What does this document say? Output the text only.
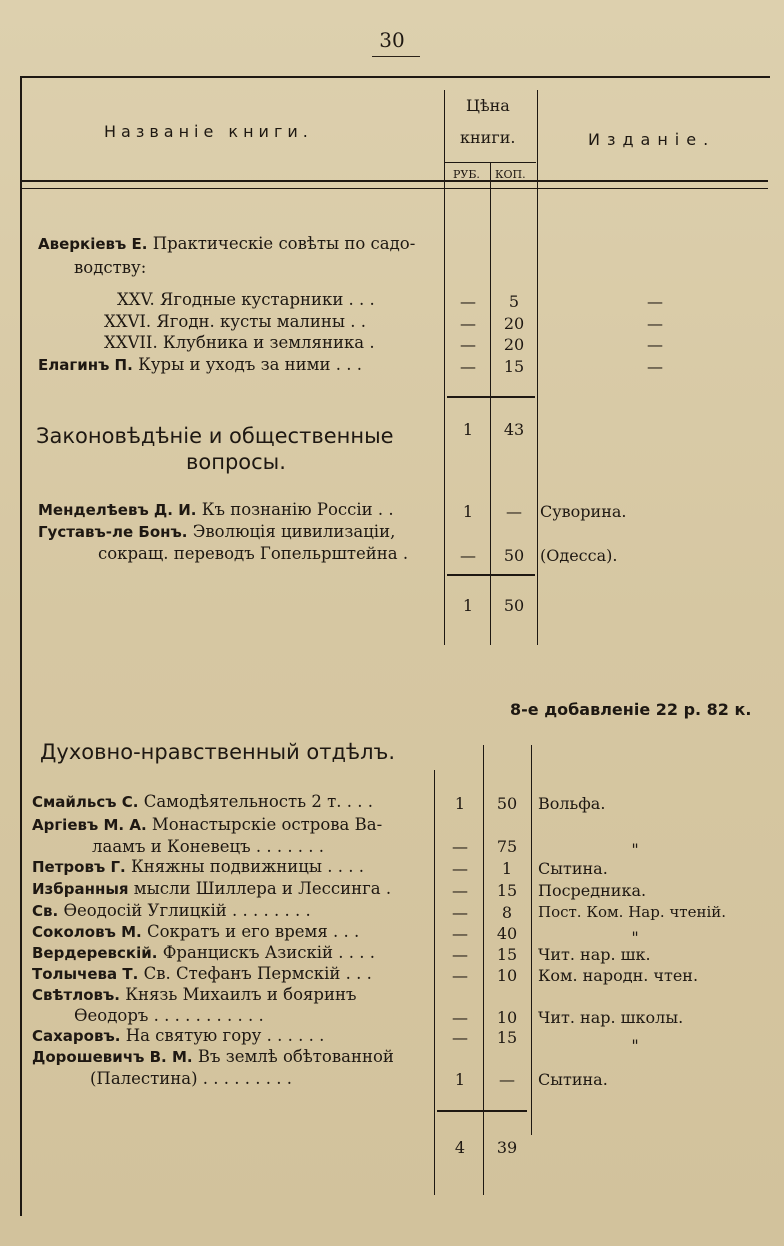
30
Названіе книги.
Цѣна
книги.
РУБ. КОП.
Изданіе.
Аверкіевъ Е. Практическіе совѣты по садо-
водству:
XXV. Ягодные кустарники . . .	—	5	—
XXVI. Ягодн. кусты малины . .	—	20	—
XXVII. Клубника и земляника .	—	20	—
Елагинъ П. Куры и уходъ за ними . . .	—	15	—
Законовѣдѣніе и общественные
вопросы.
1	43
Менделѣевъ Д. И. Къ познанію Россіи . .	1	—	Суворина.
Густавъ-ле Бонъ. Эволюція цивилизаціи,
сокращ. переводъ Гопельрштейна .	—	50 (Одесса).
1	50
8-е добавленіе 22 р. 82 к.
Духовно-нравственный отдѣлъ.
Смайльсъ С. Самодѣятельность 2 т. . . .	1	50	Вольфа.
Аргіевъ М. А. Монастырскіе острова Ва-
лаамъ и Коневецъ . . . . . . .	—	75	"
Петровъ Г. Княжны подвижницы . . . .	—	1	Сытина.
Избранныя мысли Шиллера и Лессинга .	—	15	Посредника.
Св. Ѳеодосій Углицкій . . . . . . . .	—	8	Пост. Ком. Нар. чтеній.
Соколовъ М. Сократъ и его время . . .	—	40	"
Вердеревскій. Францискъ Азискій . . . .	—	15	Чит. нар. шк.
Толычева Т. Св. Стефанъ Пермскій . . .	—	10	Ком. народн. чтен.
Свѣтловъ. Князь Михаилъ и бояринъ
Ѳеодоръ . . . . . . . . . . .	—	10	Чит. нар. школы.
Сахаровъ. На святую гору . . . . . .	—	15	"
Дорошевичъ В. М. Въ землѣ обѣтованной
(Палестина) . . . . . . . . .	1	—	Сытина.
4	39
